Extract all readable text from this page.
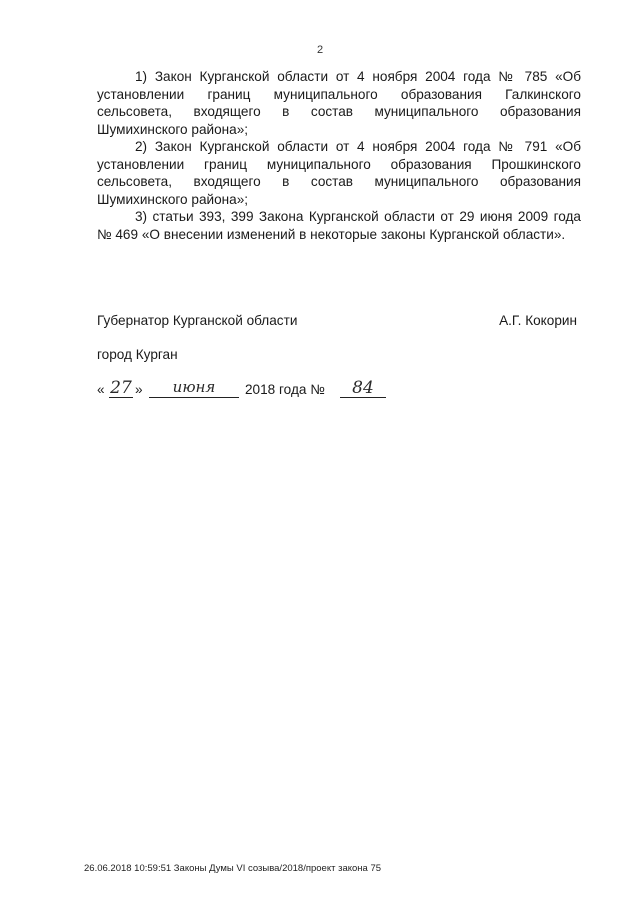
2

1) Закон Курганской области от 4 ноября 2004 года № 785 «Об установлении границ муниципального образования Галкинского сельсовета, входящего в состав муниципального образования Шумихинского района»;

2) Закон Курганской области от 4 ноября 2004 года № 791 «Об установлении границ муниципального образования Прошкинского сельсовета, входящего в состав муниципального образования Шумихинского района»;

3) статьи 393, 399 Закона Курганской области от 29 июня 2009 года № 469 «О внесении изменений в некоторые законы Курганской области».

Губернатор Курганской области	А.Г. Кокорин
город Курган
« 27 »	июня	2018 года №	84
26.06.2018 10:59:51 Законы Думы VI созыва/2018/проект закона 75
